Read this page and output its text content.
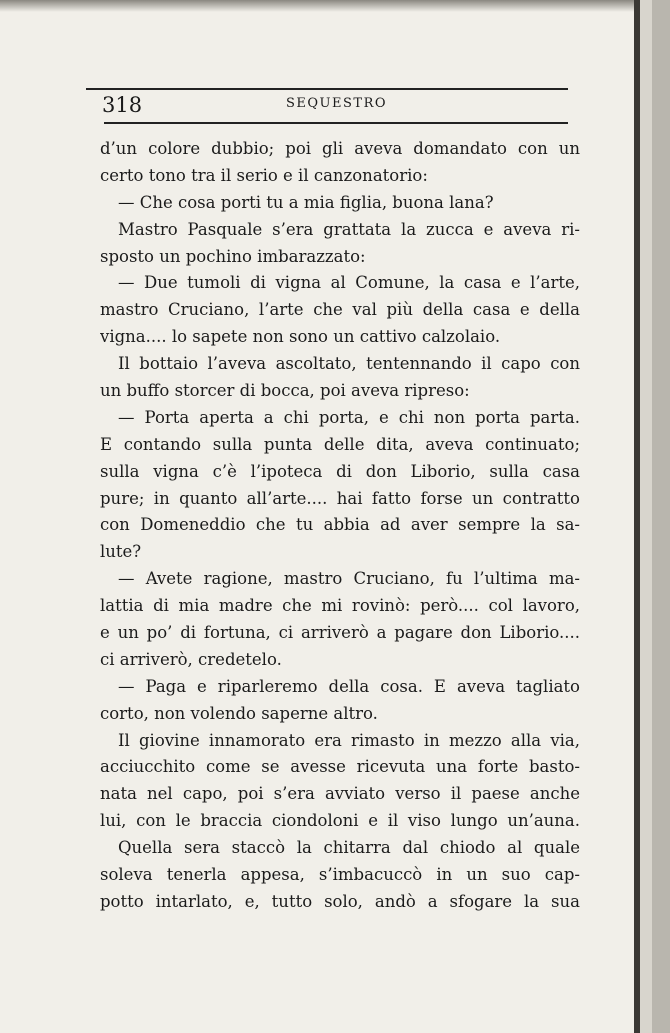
318	SEQUESTRO
d’un colore dubbio; poi gli aveva domandato con un
certo tono tra il serio e il canzonatorio:
— Che cosa porti tu a mia figlia, buona lana?
Mastro Pasquale s’era grattata la zucca e aveva ri-
sposto un pochino imbarazzato:
— Due tumoli di vigna al Comune, la casa e l’arte,
mastro Cruciano, l’arte che val più della casa e della
vigna.... lo sapete non sono un cattivo calzolaio.
Il bottaio l’aveva ascoltato, tentennando il capo con
un buffo storcer di bocca, poi aveva ripreso:
— Porta aperta a chi porta, e chi non porta parta.
E contando sulla punta delle dita, aveva continuato;
sulla vigna c’è l’ipoteca di don Liborio, sulla casa
pure; in quanto all’arte.... hai fatto forse un contratto
con Domeneddio che tu abbia ad aver sempre la sa-
lute?
— Avete ragione, mastro Cruciano, fu l’ultima ma-
lattia di mia madre che mi rovinò: però.... col lavoro,
e un po’ di fortuna, ci arriverò a pagare don Liborio....
ci arriverò, credetelo.
— Paga e riparleremo della cosa. E aveva tagliato
corto, non volendo saperne altro.
Il giovine innamorato era rimasto in mezzo alla via,
acciucchito come se avesse ricevuta una forte basto-
nata nel capo, poi s’era avviato verso il paese anche
lui, con le braccia ciondoloni e il viso lungo un’auna.
Quella sera staccò la chitarra dal chiodo al quale
soleva tenerla appesa, s’imbacuccò in un suo cap-
potto intarlato, e, tutto solo, andò a sfogare la sua
